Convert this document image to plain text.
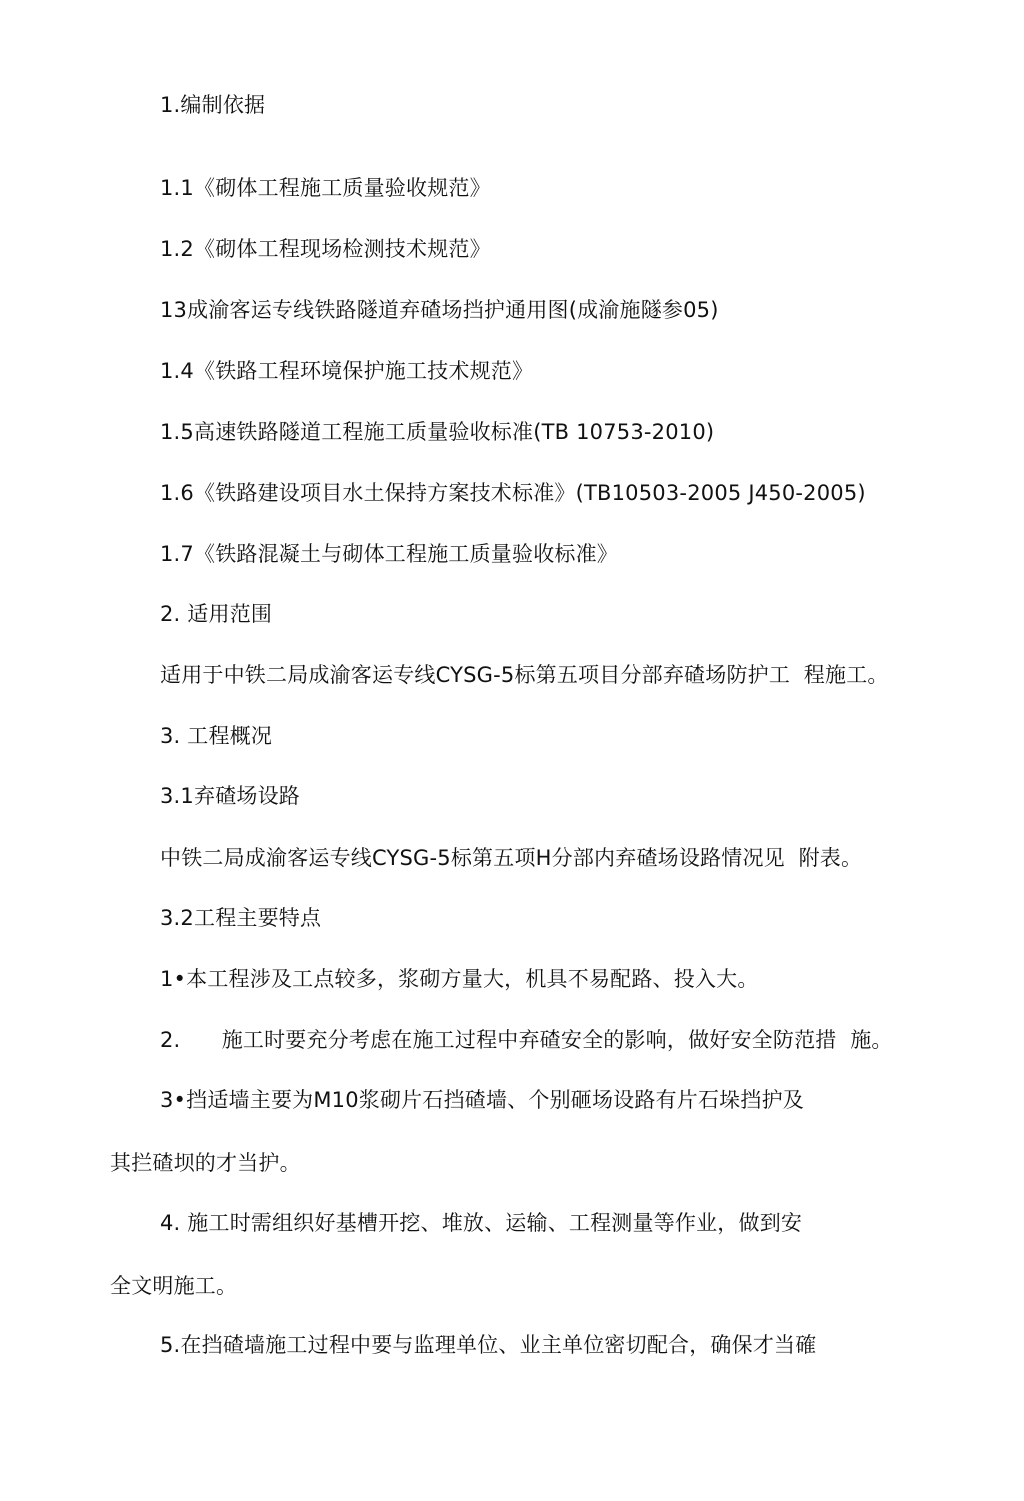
1.编制依据
1.1《砌体工程施工质量验收规范》
1.2《砌体工程现场检测技术规范》
13成渝客运专线铁路隧道弃碴场挡护通用图(成渝施隧参05)
1.4《铁路工程环境保护施工技术规范》
1.5高速铁路隧道工程施工质量验收标准(TB 10753-2010)
1.6《铁路建设项目水土保持方案技术标准》(TB10503-2005 J450-2005)
1.7《铁路混凝土与砌体工程施工质量验收标准》
2. 适用范围
适用于中铁二局成渝客运专线CYSG-5标第五项目分部弃碴场防护工  程施工。
3. 工程概况
3.1弃碴场设路
中铁二局成渝客运专线CYSG-5标第五项H分部内弃碴场设路情况见  附表。
3.2工程主要特点
1•本工程涉及工点较多，浆砌方量大，机具不易配路、投入大。
2.      施工时要充分考虑在施工过程中弃碴安全的影响，做好安全防范措  施。
3•挡适墙主要为M10浆砌片石挡碴墙、个别砸场设路有片石垛挡护及
其拦碴坝的才当护。
4. 施工时需组织好基槽开挖、堆放、运输、工程测量等作业，做到安
全文明施工。
5.在挡碴墙施工过程中要与监理单位、业主单位密切配合，确保才当確
